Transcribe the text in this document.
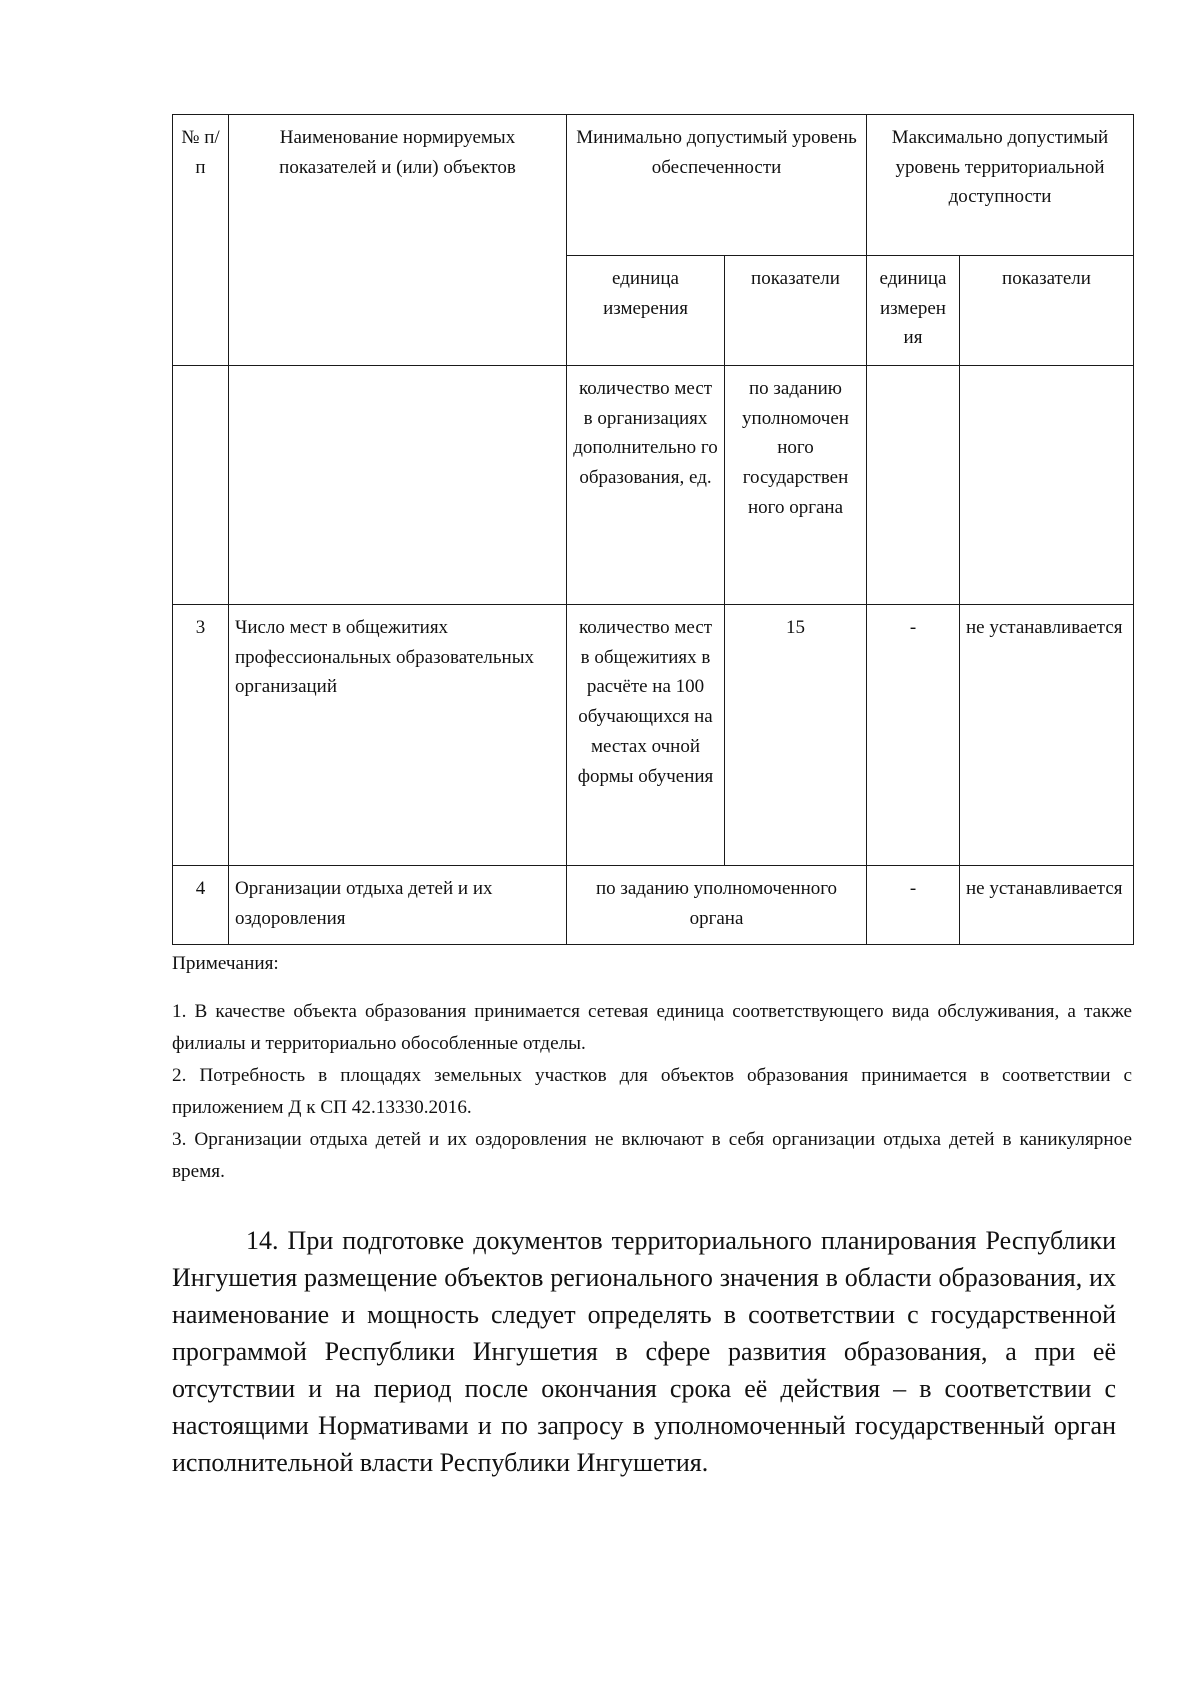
№ п/п	Наименование нормируемых показателей и (или) объектов	Минимально допустимый уровень обеспеченности		Максимально допустимый уровень территориальной доступности	
		единица измерения	показатели	единица измерен ия	показатели
		количество мест в организациях дополнительно го образования, ед.	по заданию уполномочен ного государствен ного органа		
3	Число мест в общежитиях профессиональных образовательных организаций	количество мест в общежитиях в расчёте на 100 обучающихся на местах очной формы обучения	15	-	не устанавливается
4	Организации отдыха детей и их оздоровления	по заданию уполномоченного органа		-	не устанавливается
Примечания:
1. В качестве объекта образования принимается сетевая единица соответствующего вида обслуживания, а также филиалы и территориально обособленные отделы.
2. Потребность в площадях земельных участков для объектов образования принимается в соответствии с приложением Д к СП 42.13330.2016.
3. Организации отдыха детей и их оздоровления не включают в себя организации отдыха детей в каникулярное время.
14. При подготовке документов территориального планирования Республики Ингушетия размещение объектов регионального значения в области образования, их наименование и мощность следует определять в соответствии с государственной программой Республики Ингушетия в сфере развития образования, а при её отсутствии и на период после окончания срока её действия – в соответствии с настоящими Нормативами и по запросу в уполномоченный государственный орган исполнительной власти Республики Ингушетия.
